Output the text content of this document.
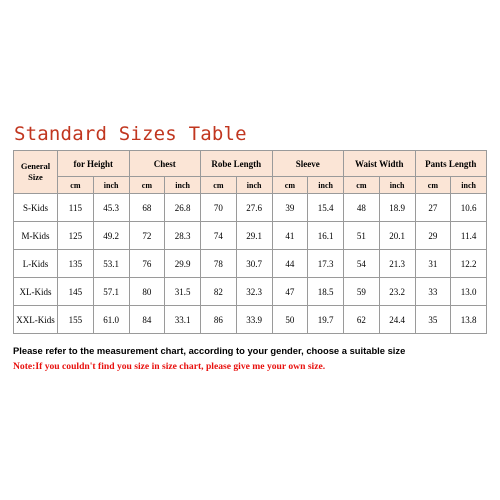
Standard Sizes Table
General Size	for Height		Chest		Robe Length		Sleeve		Waist Width		Pants Length	
	cm	inch	cm	inch	cm	inch	cm	inch	cm	inch	cm	inch
S-Kids	115	45.3	68	26.8	70	27.6	39	15.4	48	18.9	27	10.6
M-Kids	125	49.2	72	28.3	74	29.1	41	16.1	51	20.1	29	11.4
L-Kids	135	53.1	76	29.9	78	30.7	44	17.3	54	21.3	31	12.2
XL-Kids	145	57.1	80	31.5	82	32.3	47	18.5	59	23.2	33	13.0
XXL-Kids	155	61.0	84	33.1	86	33.9	50	19.7	62	24.4	35	13.8
Please refer to the measurement chart, according to your gender, choose a suitable size
Note:If you couldn't find you size in size chart, please give me your own size.
